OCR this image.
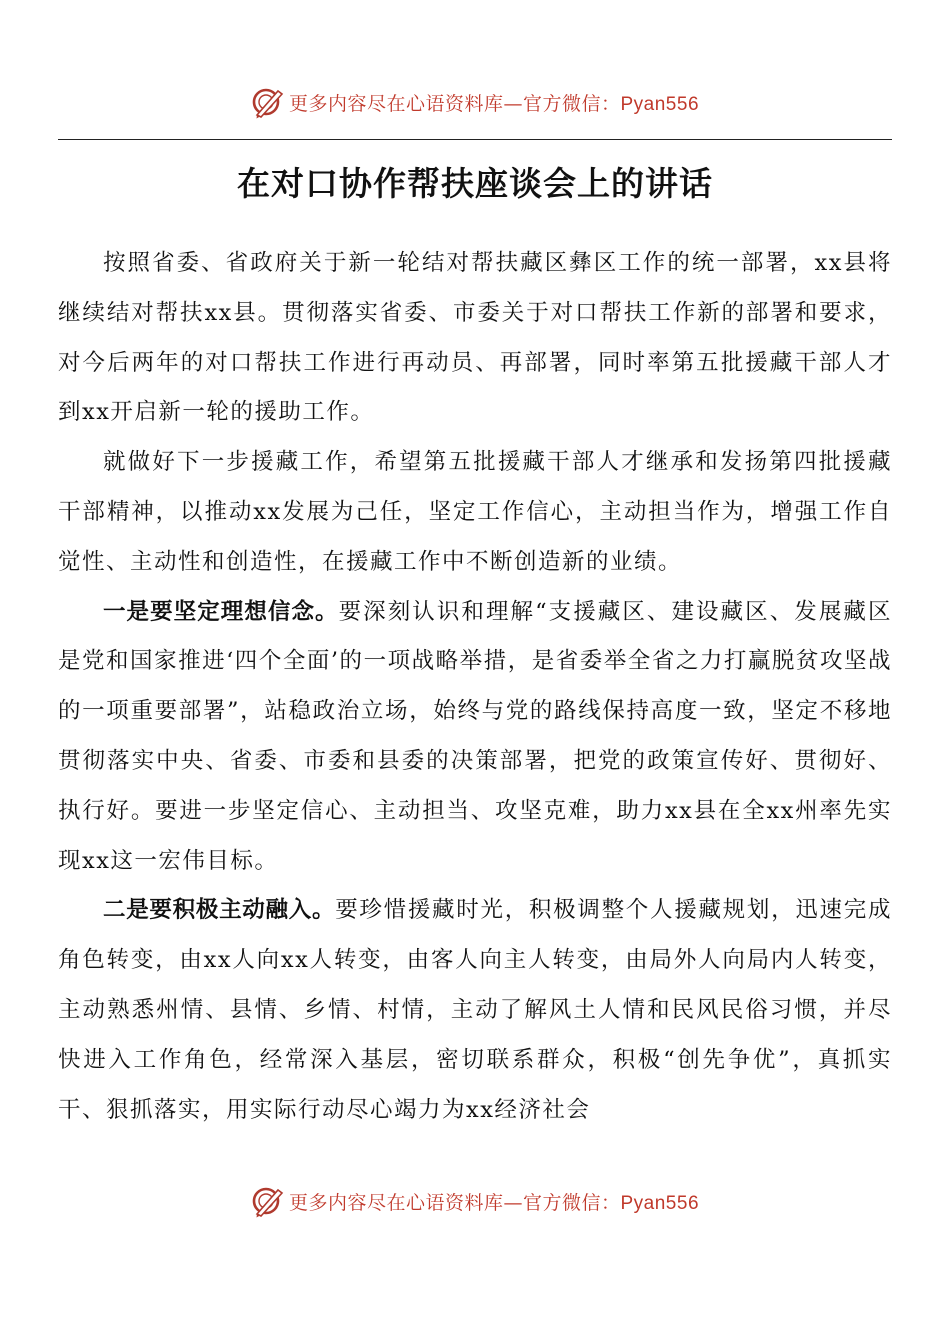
更多内容尽在心语资料库—官方微信：Pyan556
在对口协作帮扶座谈会上的讲话

按照省委、省政府关于新一轮结对帮扶藏区彝区工作的统一部署，xx县将继续结对帮扶xx县。贯彻落实省委、市委关于对口帮扶工作新的部署和要求，对今后两年的对口帮扶工作进行再动员、再部署，同时率第五批援藏干部人才到xx开启新一轮的援助工作。

就做好下一步援藏工作，希望第五批援藏干部人才继承和发扬第四批援藏干部精神，以推动xx发展为己任，坚定工作信心，主动担当作为，增强工作自觉性、主动性和创造性，在援藏工作中不断创造新的业绩。

一是要坚定理想信念。要深刻认识和理解“支援藏区、建设藏区、发展藏区是党和国家推进‘四个全面’的一项战略举措，是省委举全省之力打赢脱贫攻坚战的一项重要部署”，站稳政治立场，始终与党的路线保持高度一致，坚定不移地贯彻落实中央、省委、市委和县委的决策部署，把党的政策宣传好、贯彻好、执行好。要进一步坚定信心、主动担当、攻坚克难，助力xx县在全xx州率先实现xx这一宏伟目标。

二是要积极主动融入。要珍惜援藏时光，积极调整个人援藏规划，迅速完成角色转变，由xx人向xx人转变，由客人向主人转变，由局外人向局内人转变，主动熟悉州情、县情、乡情、村情，主动了解风土人情和民风民俗习惯，并尽快进入工作角色，经常深入基层，密切联系群众，积极“创先争优”，真抓实干、狠抓落实，用实际行动尽心竭力为xx经济社会

更多内容尽在心语资料库—官方微信：Pyan556
